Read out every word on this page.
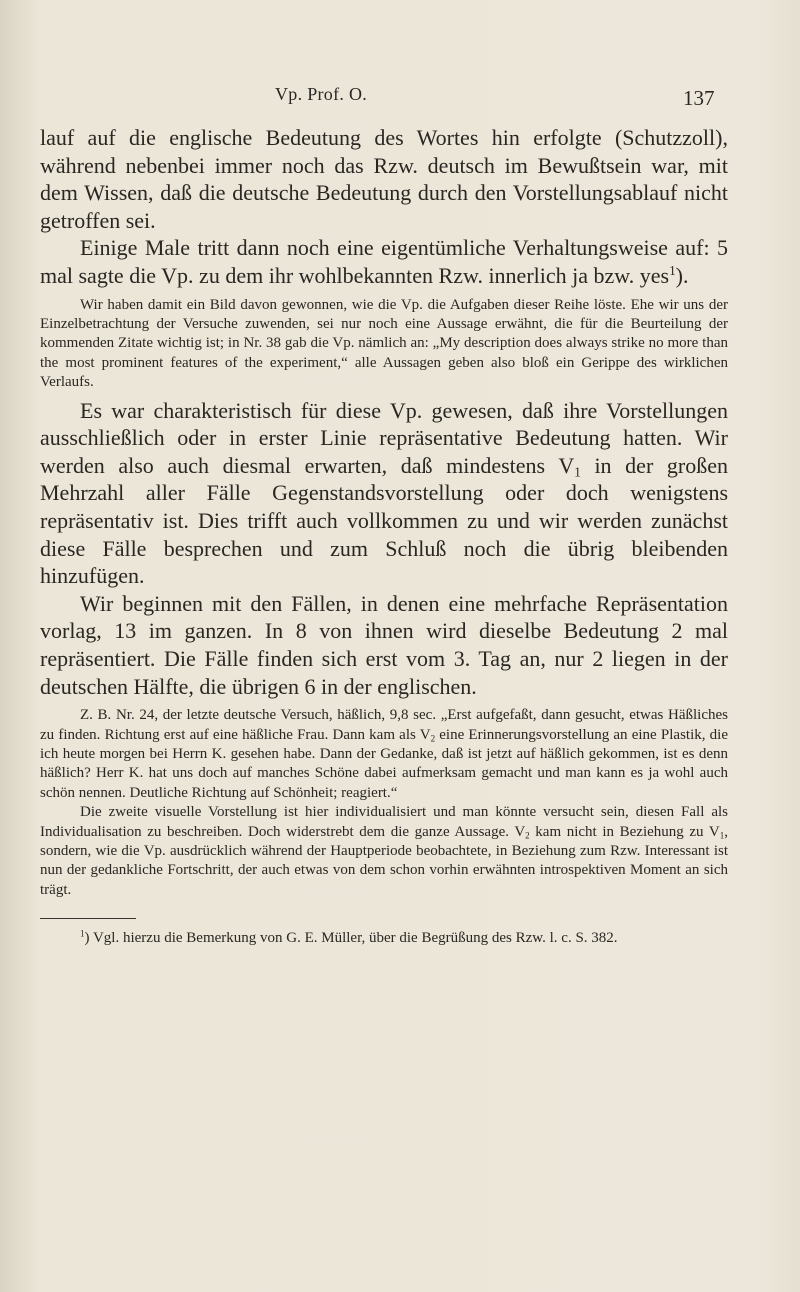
Vp. Prof. O.	137

lauf auf die englische Bedeutung des Wortes hin erfolgte (Schutzzoll), während nebenbei immer noch das Rzw. deutsch im Bewußtsein war, mit dem Wissen, daß die deutsche Bedeutung durch den Vorstellungsablauf nicht getroffen sei.

Einige Male tritt dann noch eine eigentümliche Verhaltungsweise auf: 5 mal sagte die Vp. zu dem ihr wohlbekannten Rzw. innerlich ja bzw. yes$^1$).

Wir haben damit ein Bild davon gewonnen, wie die Vp. die Aufgaben dieser Reihe löste. Ehe wir uns der Einzelbetrachtung der Versuche zuwenden, sei nur noch eine Aussage erwähnt, die für die Beurteilung der kommenden Zitate wichtig ist; in Nr. 38 gab die Vp. nämlich an: „My description does always strike no more than the most prominent features of the experiment,“ alle Aussagen geben also bloß ein Gerippe des wirklichen Verlaufs.

Es war charakteristisch für diese Vp. gewesen, daß ihre Vorstellungen ausschließlich oder in erster Linie repräsentative Bedeutung hatten. Wir werden also auch diesmal erwarten, daß mindestens $V_1$ in der großen Mehrzahl aller Fälle Gegenstandsvorstellung oder doch wenigstens repräsentativ ist. Dies trifft auch vollkommen zu und wir werden zunächst diese Fälle besprechen und zum Schluß noch die übrig bleibenden hinzufügen.

Wir beginnen mit den Fällen, in denen eine mehrfache Repräsentation vorlag, 13 im ganzen. In 8 von ihnen wird dieselbe Bedeutung 2 mal repräsentiert. Die Fälle finden sich erst vom 3. Tag an, nur 2 liegen in der deutschen Hälfte, die übrigen 6 in der englischen.

Z. B. Nr. 24, der letzte deutsche Versuch, häßlich, 9,8 sec. „Erst aufgefaßt, dann gesucht, etwas Häßliches zu finden. Richtung erst auf eine häßliche Frau. Dann kam als $V_2$ eine Erinnerungsvorstellung an eine Plastik, die ich heute morgen bei Herrn K. gesehen habe. Dann der Gedanke, daß ist jetzt auf häßlich gekommen, ist es denn häßlich? Herr K. hat uns doch auf manches Schöne dabei aufmerksam gemacht und man kann es ja wohl auch schön nennen. Deutliche Richtung auf Schönheit; reagiert.“

Die zweite visuelle Vorstellung ist hier individualisiert und man könnte versucht sein, diesen Fall als Individualisation zu beschreiben. Doch widerstrebt dem die ganze Aussage. $V_2$ kam nicht in Beziehung zu $V_1$, sondern, wie die Vp. ausdrücklich während der Hauptperiode beobachtete, in Beziehung zum Rzw. Interessant ist nun der gedankliche Fortschritt, der auch etwas von dem schon vorhin erwähnten introspektiven Moment an sich trägt.

$^1$) Vgl. hierzu die Bemerkung von G. E. Müller, über die Begrüßung des Rzw. l. c. S. 382.
